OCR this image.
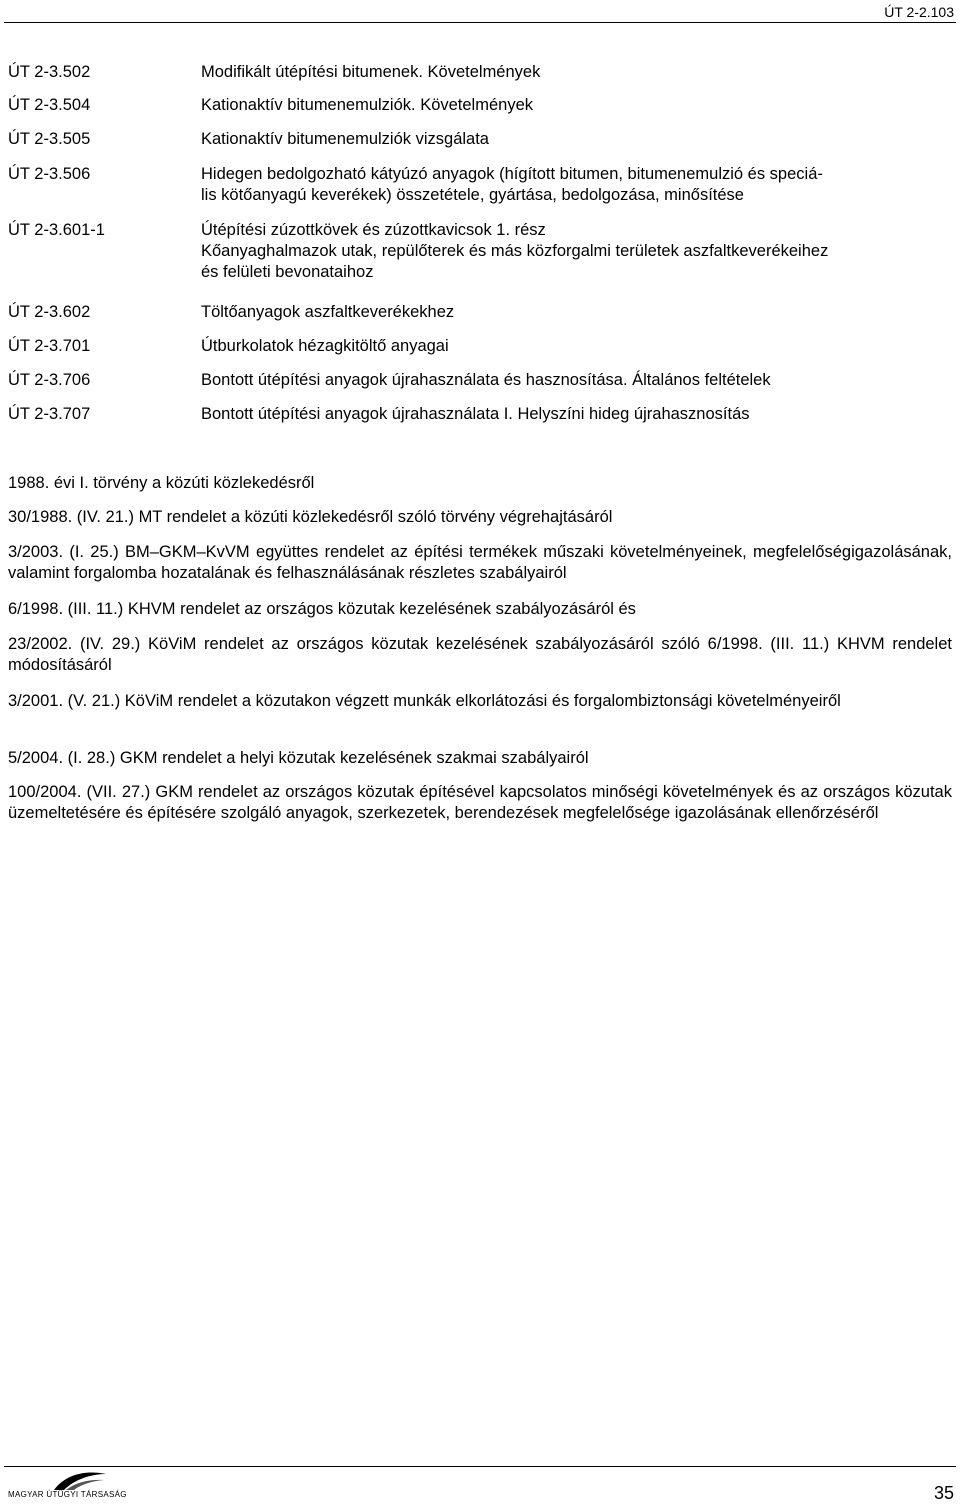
ÚT 2-2.103
ÚT 2-3.502	Modifikált útépítési bitumenek. Követelmények
ÚT 2-3.504	Kationaktív bitumenemulziók. Követelmények
ÚT 2-3.505	Kationaktív bitumenemulziók vizsgálata
ÚT 2-3.506	Hidegen bedolgozható kátyúzó anyagok (hígított bitumen, bitumenemulzió és speciá-
lis kötőanyagú keverékek) összetétele, gyártása, bedolgozása, minősítése
ÚT 2-3.601-1	Útépítési zúzottkövek és zúzottkavicsok 1. rész
Kőanyaghalmazok utak, repülőterek és más közforgalmi területek aszfaltkeverékeihez
és felületi bevonataihoz
ÚT 2-3.602	Töltőanyagok aszfaltkeverékekhez
ÚT 2-3.701	Útburkolatok hézagkitöltő anyagai
ÚT 2-3.706	Bontott útépítési anyagok újrahasználata és hasznosítása. Általános feltételek
ÚT 2-3.707	Bontott útépítési anyagok újrahasználata I. Helyszíni hideg újrahasznosítás
1988. évi I. törvény a közúti közlekedésről
30/1988. (IV. 21.) MT rendelet a közúti közlekedésről szóló törvény végrehajtásáról
3/2003. (I. 25.) BM–GKM–KvVM együttes rendelet az építési termékek műszaki követelményeinek, megfelelőségigazolásának, valamint forgalomba hozatalának és felhasználásának részletes szabályairól
6/1998. (III. 11.) KHVM rendelet az országos közutak kezelésének szabályozásáról és
23/2002. (IV. 29.) KöViM rendelet az országos közutak kezelésének szabályozásáról szóló 6/1998. (III. 11.) KHVM rendelet módosításáról
3/2001. (V. 21.) KöViM rendelet a közutakon végzett munkák elkorlátozási és forgalombiztonsági követelményeiről
5/2004. (I. 28.) GKM rendelet a helyi közutak kezelésének szakmai szabályairól
100/2004. (VII. 27.) GKM rendelet az országos közutak építésével kapcsolatos minőségi követelmények és az országos közutak üzemeltetésére és építésére szolgáló anyagok, szerkezetek, berendezések megfelelősége igazolásának ellenőrzéséről
MAGYAR ÚTÜGYI TÁRSASÁG	35
